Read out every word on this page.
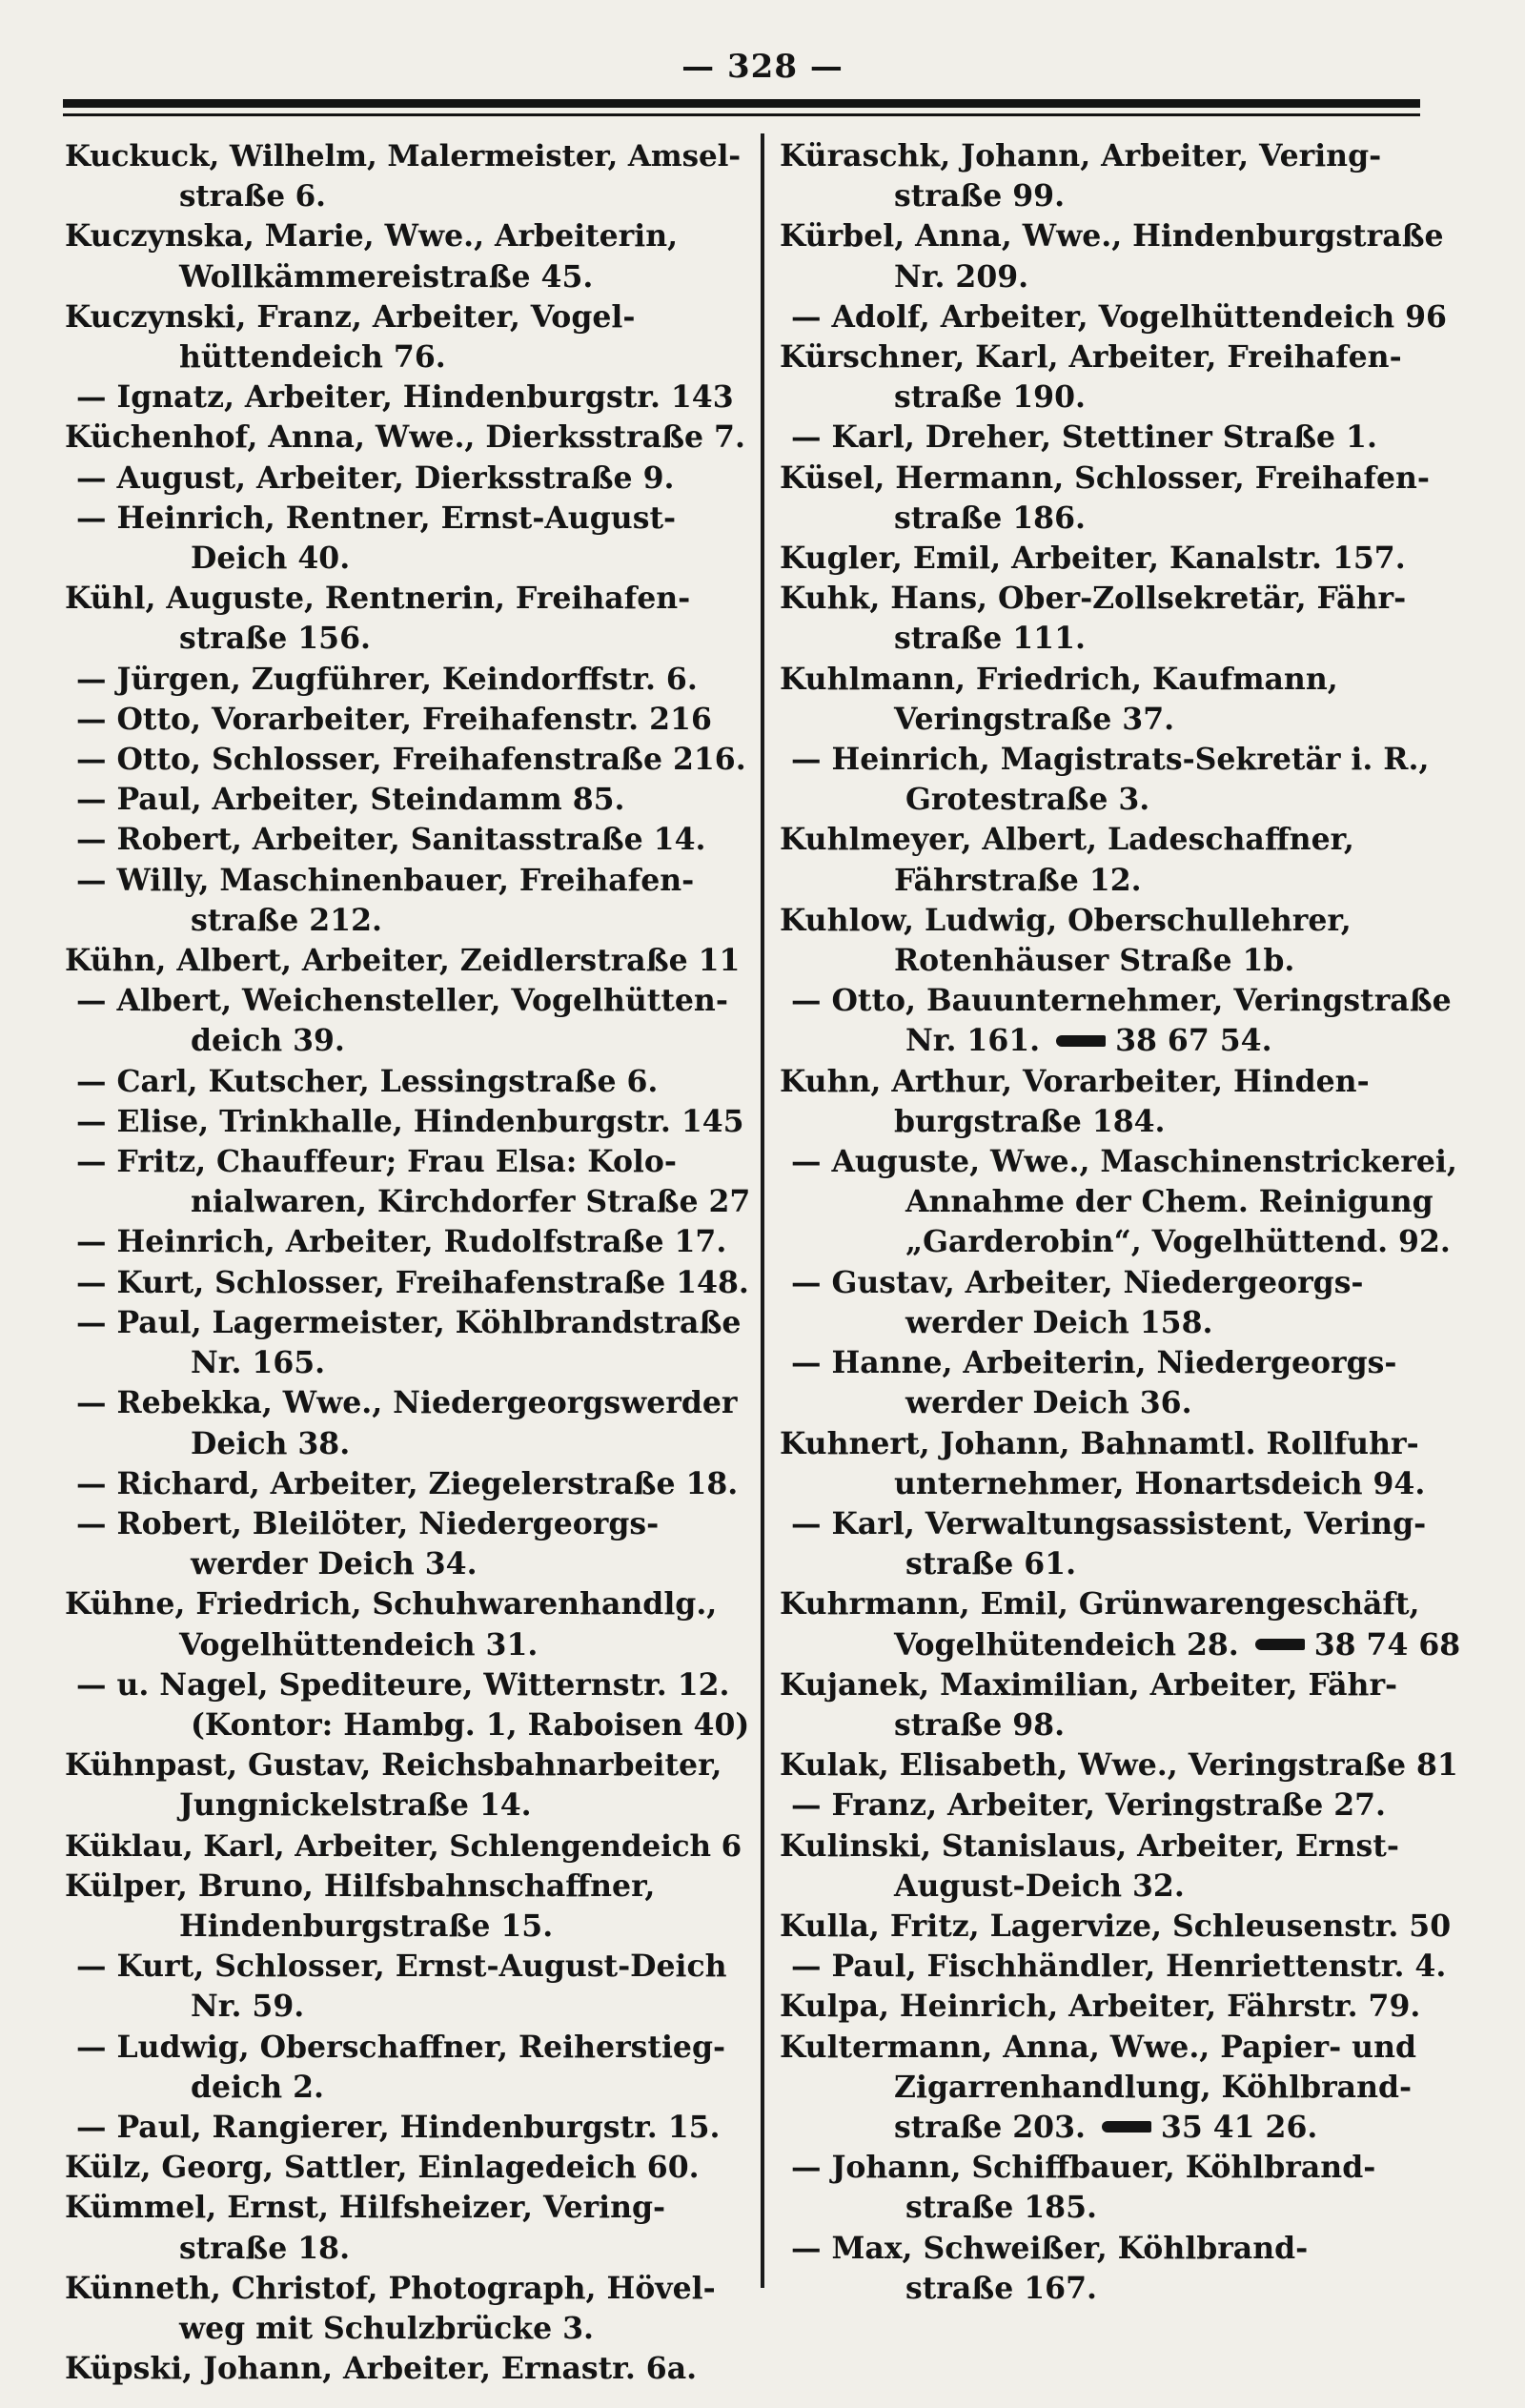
— 328 —
Kuckuck, Wilhelm, Malermeister, Amsel-
straße 6.
Kuczynska, Marie, Wwe., Arbeiterin,
Wollkämmereistraße 45.
Kuczynski, Franz, Arbeiter, Vogel-
hüttendeich 76.
— Ignatz, Arbeiter, Hindenburgstr. 143
Küchenhof, Anna, Wwe., Dierksstraße 7.
— August, Arbeiter, Dierksstraße 9.
— Heinrich, Rentner, Ernst-August-
Deich 40.
Kühl, Auguste, Rentnerin, Freihafen-
straße 156.
— Jürgen, Zugführer, Keindorffstr. 6.
— Otto, Vorarbeiter, Freihafenstr. 216
— Otto, Schlosser, Freihafenstraße 216.
— Paul, Arbeiter, Steindamm 85.
— Robert, Arbeiter, Sanitasstraße 14.
— Willy, Maschinenbauer, Freihafen-
straße 212.
Kühn, Albert, Arbeiter, Zeidlerstraße 11
— Albert, Weichensteller, Vogelhütten-
deich 39.
— Carl, Kutscher, Lessingstraße 6.
— Elise, Trinkhalle, Hindenburgstr. 145
— Fritz, Chauffeur; Frau Elsa: Kolo-
nialwaren, Kirchdorfer Straße 27
— Heinrich, Arbeiter, Rudolfstraße 17.
— Kurt, Schlosser, Freihafenstraße 148.
— Paul, Lagermeister, Köhlbrandstraße
Nr. 165.
— Rebekka, Wwe., Niedergeorgswerder
Deich 38.
— Richard, Arbeiter, Ziegelerstraße 18.
— Robert, Bleilöter, Niedergeorgs-
werder Deich 34.
Kühne, Friedrich, Schuhwarenhandlg.,
Vogelhüttendeich 31.
— u. Nagel, Spediteure, Witternstr. 12.
(Kontor: Hambg. 1, Raboisen 40)
Kühnpast, Gustav, Reichsbahnarbeiter,
Jungnickelstraße 14.
Küklau, Karl, Arbeiter, Schlengendeich 6
Külper, Bruno, Hilfsbahnschaffner,
Hindenburgstraße 15.
— Kurt, Schlosser, Ernst-August-Deich
Nr. 59.
— Ludwig, Oberschaffner, Reiherstieg-
deich 2.
— Paul, Rangierer, Hindenburgstr. 15.
Külz, Georg, Sattler, Einlagedeich 60.
Kümmel, Ernst, Hilfsheizer, Vering-
straße 18.
Künneth, Christof, Photograph, Hövel-
weg mit Schulzbrücke 3.
Küpski, Johann, Arbeiter, Ernastr. 6a.
Küraschk, Johann, Arbeiter, Vering-
straße 99.
Kürbel, Anna, Wwe., Hindenburgstraße
Nr. 209.
— Adolf, Arbeiter, Vogelhüttendeich 96
Kürschner, Karl, Arbeiter, Freihafen-
straße 190.
— Karl, Dreher, Stettiner Straße 1.
Küsel, Hermann, Schlosser, Freihafen-
straße 186.
Kugler, Emil, Arbeiter, Kanalstr. 157.
Kuhk, Hans, Ober-Zollsekretär, Fähr-
straße 111.
Kuhlmann, Friedrich, Kaufmann,
Veringstraße 37.
— Heinrich, Magistrats-Sekretär i. R.,
Grotestraße 3.
Kuhlmeyer, Albert, Ladeschaffner,
Fährstraße 12.
Kuhlow, Ludwig, Oberschullehrer,
Rotenhäuser Straße 1b.
— Otto, Bauunternehmer, Veringstraße
Nr. 161.	38 67 54.
Kuhn, Arthur, Vorarbeiter, Hinden-
burgstraße 184.
— Auguste, Wwe., Maschinenstrickerei,
Annahme der Chem. Reinigung
„Garderobin“, Vogelhüttend. 92.
— Gustav, Arbeiter, Niedergeorgs-
werder Deich 158.
— Hanne, Arbeiterin, Niedergeorgs-
werder Deich 36.
Kuhnert, Johann, Bahnamtl. Rollfuhr-
unternehmer, Honartsdeich 94.
— Karl, Verwaltungsassistent, Vering-
straße 61.
Kuhrmann, Emil, Grünwarengeschäft,
Vogelhütendeich 28.	38 74 68
Kujanek, Maximilian, Arbeiter, Fähr-
straße 98.
Kulak, Elisabeth, Wwe., Veringstraße 81
— Franz, Arbeiter, Veringstraße 27.
Kulinski, Stanislaus, Arbeiter, Ernst-
August-Deich 32.
Kulla, Fritz, Lagervize, Schleusenstr. 50
— Paul, Fischhändler, Henriettenstr. 4.
Kulpa, Heinrich, Arbeiter, Fährstr. 79.
Kultermann, Anna, Wwe., Papier- und
Zigarrenhandlung, Köhlbrand-
straße 203.	35 41 26.
— Johann, Schiffbauer, Köhlbrand-
straße 185.
— Max, Schweißer, Köhlbrand-
straße 167.
